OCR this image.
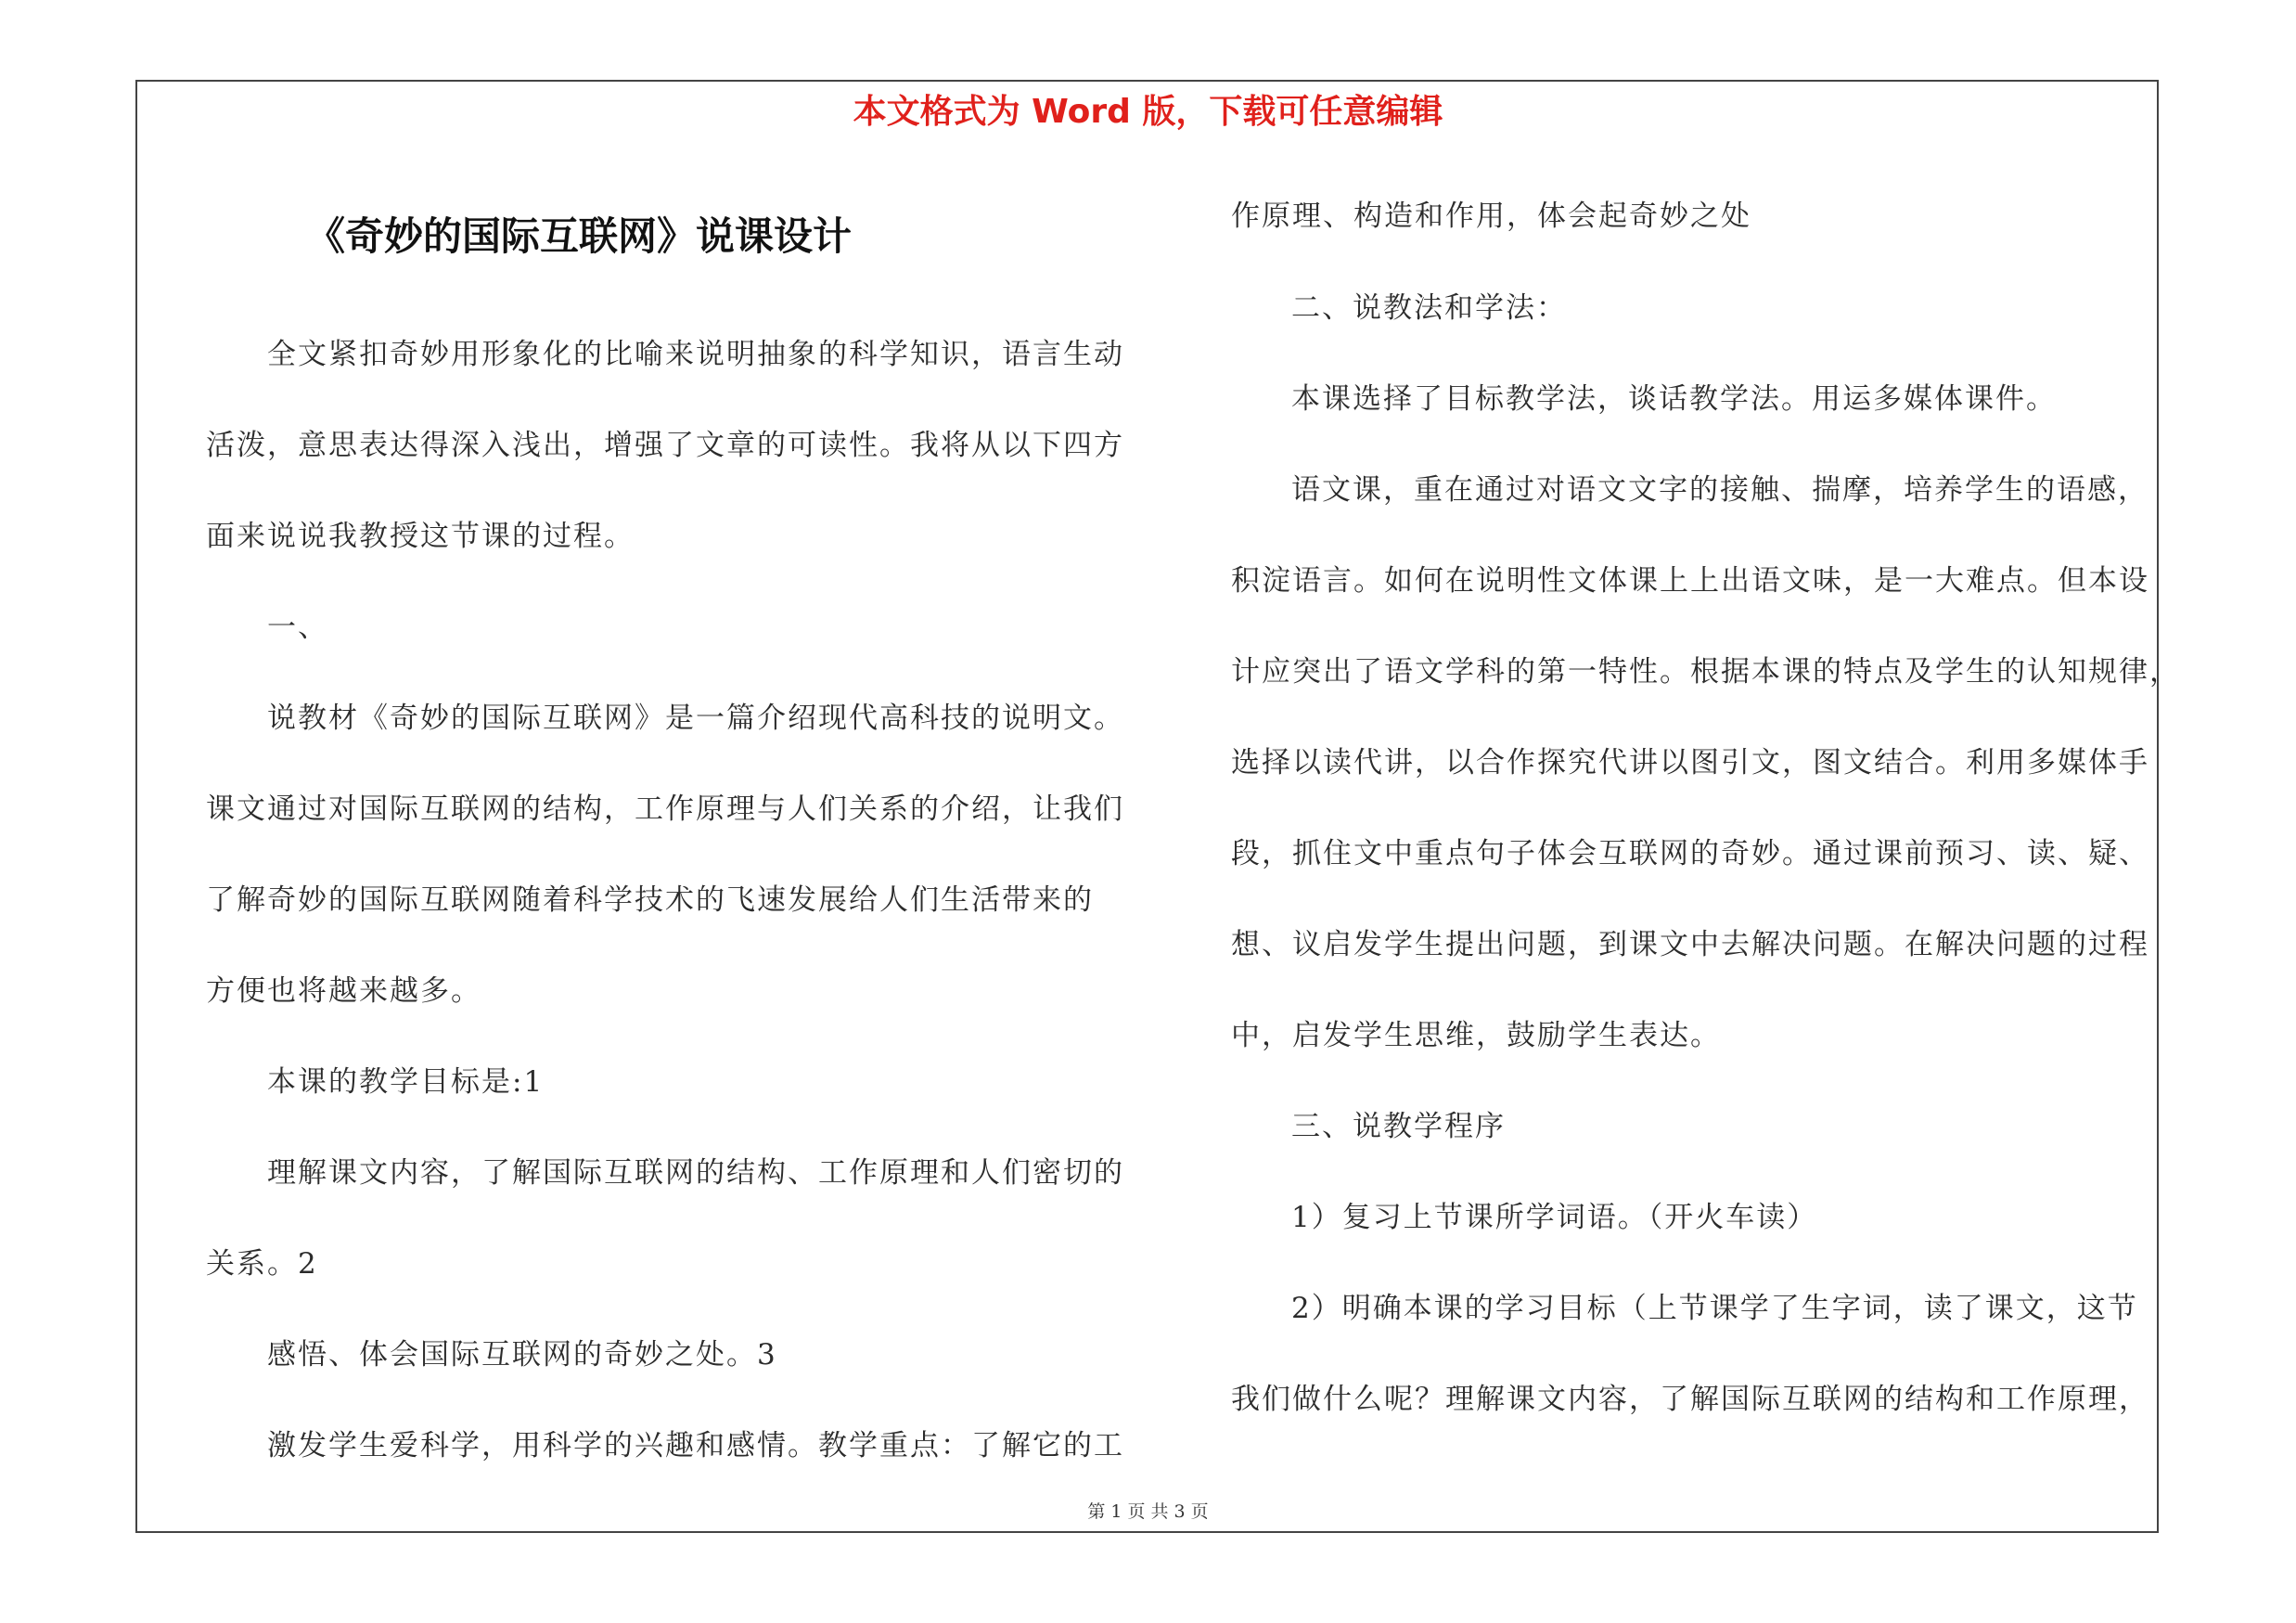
本文格式为 Word 版，下载可任意编辑
《奇妙的国际互联网》说课设计
全文紧扣奇妙用形象化的比喻来说明抽象的科学知识，语言生动
活泼，意思表达得深入浅出，增强了文章的可读性。我将从以下四方
面来说说我教授这节课的过程。
一、
说教材《奇妙的国际互联网》是一篇介绍现代高科技的说明文。
课文通过对国际互联网的结构，工作原理与人们关系的介绍，让我们
了解奇妙的国际互联网随着科学技术的飞速发展给人们生活带来的
方便也将越来越多。
本课的教学目标是:1
理解课文内容，了解国际互联网的结构、工作原理和人们密切的
关系。2
感悟、体会国际互联网的奇妙之处。3
激发学生爱科学，用科学的兴趣和感情。教学重点：了解它的工
作原理、构造和作用，体会起奇妙之处
二、说教法和学法：
本课选择了目标教学法，谈话教学法。用运多媒体课件。
语文课，重在通过对语文文字的接触、揣摩，培养学生的语感，
积淀语言。如何在说明性文体课上上出语文味，是一大难点。但本设
计应突出了语文学科的第一特性。根据本课的特点及学生的认知规律，
选择以读代讲，以合作探究代讲以图引文，图文结合。利用多媒体手
段，抓住文中重点句子体会互联网的奇妙。通过课前预习、读、疑、
想、议启发学生提出问题，到课文中去解决问题。在解决问题的过程
中，启发学生思维，鼓励学生表达。
三、说教学程序
1）复习上节课所学词语。（开火车读）
2）明确本课的学习目标（上节课学了生字词，读了课文，这节
我们做什么呢？理解课文内容，了解国际互联网的结构和工作原理，
第 1 页 共 3 页
